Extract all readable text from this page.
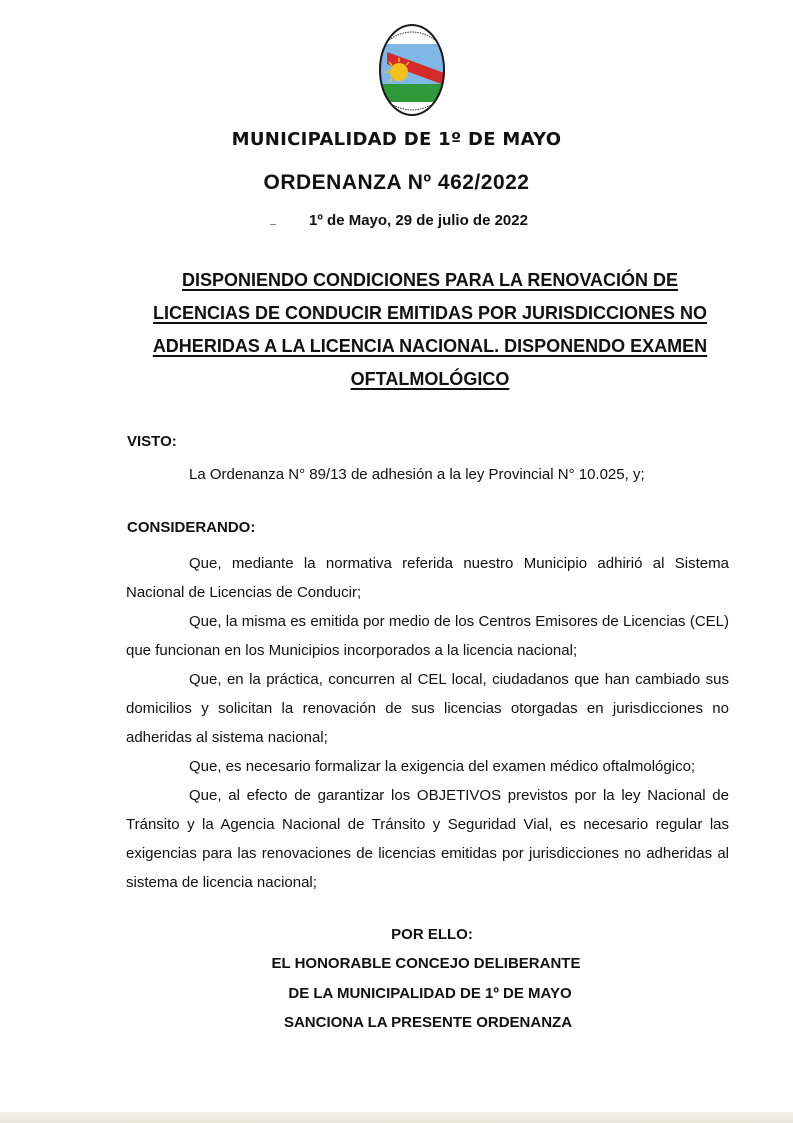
MUNICIPALIDAD DE 1º DE MAYO
ORDENANZA Nº 462/2022
1º de Mayo, 29 de julio de 2022
DISPONIENDO CONDICIONES PARA LA RENOVACIÓN DE
LICENCIAS DE CONDUCIR EMITIDAS POR JURISDICCIONES NO
ADHERIDAS A LA LICENCIA NACIONAL. DISPONENDO EXAMEN
OFTALMOLÓGICO
VISTO:
La Ordenanza N° 89/13 de adhesión a la ley Provincial N° 10.025, y;
CONSIDERANDO:

Que, mediante la normativa referida nuestro Municipio adhirió al Sistema Nacional de Licencias de Conducir;

Que, la misma es emitida por medio de los Centros Emisores de Licencias (CEL) que funcionan en los Municipios incorporados a la licencia nacional;

Que, en la práctica, concurren al CEL local, ciudadanos que han cambiado sus domicilios y solicitan la renovación de sus licencias otorgadas en jurisdicciones no adheridas al sistema nacional;

Que, es necesario formalizar la exigencia del examen médico oftalmológico;

Que, al efecto de garantizar los OBJETIVOS previstos por la ley Nacional de Tránsito y la Agencia Nacional de Tránsito y Seguridad Vial, es necesario regular las exigencias para las renovaciones de licencias emitidas por jurisdicciones no adheridas al sistema de licencia nacional;

POR ELLO:
EL HONORABLE CONCEJO DELIBERANTE
DE LA MUNICIPALIDAD DE 1º DE MAYO
SANCIONA LA PRESENTE ORDENANZA
